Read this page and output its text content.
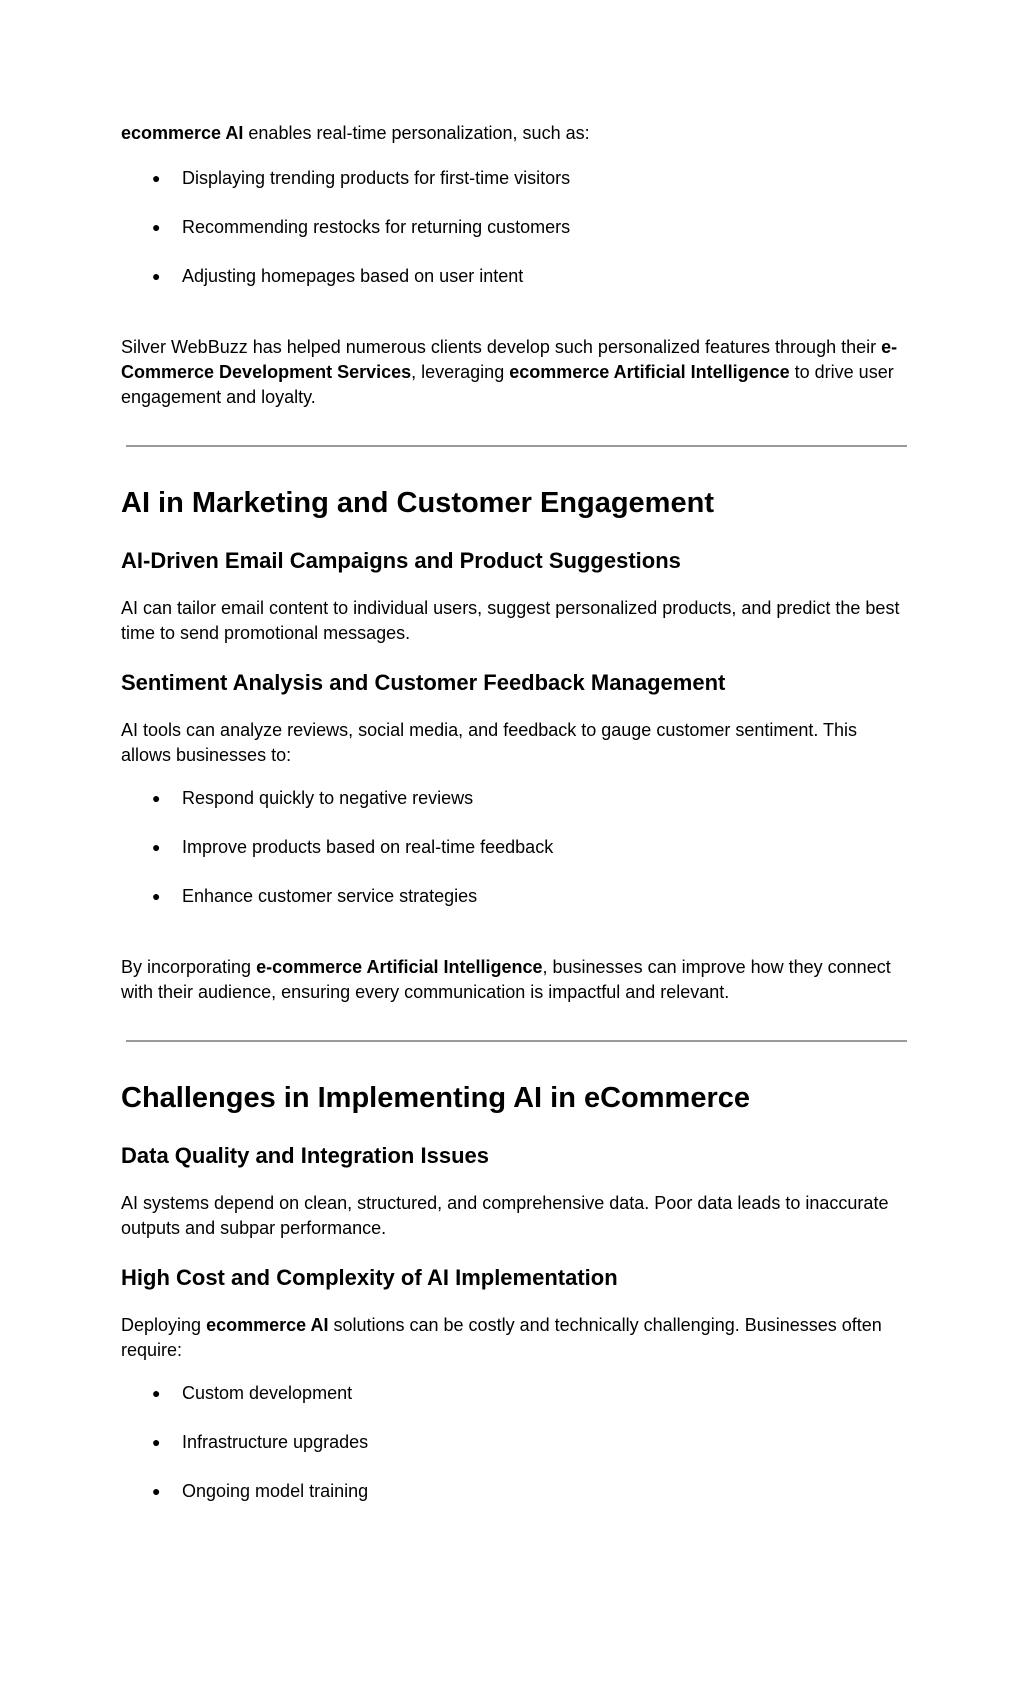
ecommerce AI enables real-time personalization, such as:

● Displaying trending products for first-time visitors
● Recommending restocks for returning customers
● Adjusting homepages based on user intent

Silver WebBuzz has helped numerous clients develop such personalized features through their e-Commerce Development Services, leveraging ecommerce Artificial Intelligence to drive user engagement and loyalty.

AI in Marketing and Customer Engagement
AI-Driven Email Campaigns and Product Suggestions

AI can tailor email content to individual users, suggest personalized products, and predict the best time to send promotional messages.

Sentiment Analysis and Customer Feedback Management

AI tools can analyze reviews, social media, and feedback to gauge customer sentiment. This allows businesses to:

● Respond quickly to negative reviews
● Improve products based on real-time feedback
● Enhance customer service strategies

By incorporating e-commerce Artificial Intelligence, businesses can improve how they connect with their audience, ensuring every communication is impactful and relevant.

Challenges in Implementing AI in eCommerce
Data Quality and Integration Issues

AI systems depend on clean, structured, and comprehensive data. Poor data leads to inaccurate outputs and subpar performance.

High Cost and Complexity of AI Implementation

Deploying ecommerce AI solutions can be costly and technically challenging. Businesses often require:

● Custom development
● Infrastructure upgrades
● Ongoing model training
